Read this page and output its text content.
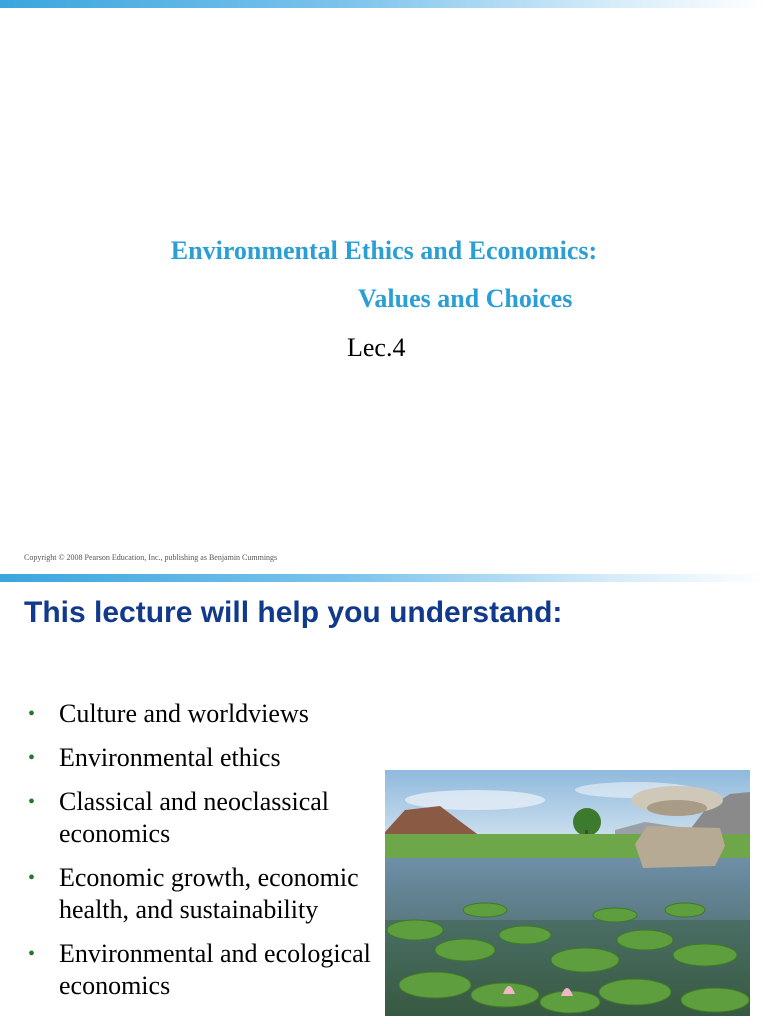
Environmental Ethics and Economics:
Values and Choices

Lec.4

Copyright © 2008 Pearson Education, Inc., publishing as Benjamin Cummings
This lecture will help you understand:
• Culture and worldviews
• Environmental ethics
• Classical and neoclassical economics
• Economic growth, economic health, and sustainability
• Environmental and ecological economics
